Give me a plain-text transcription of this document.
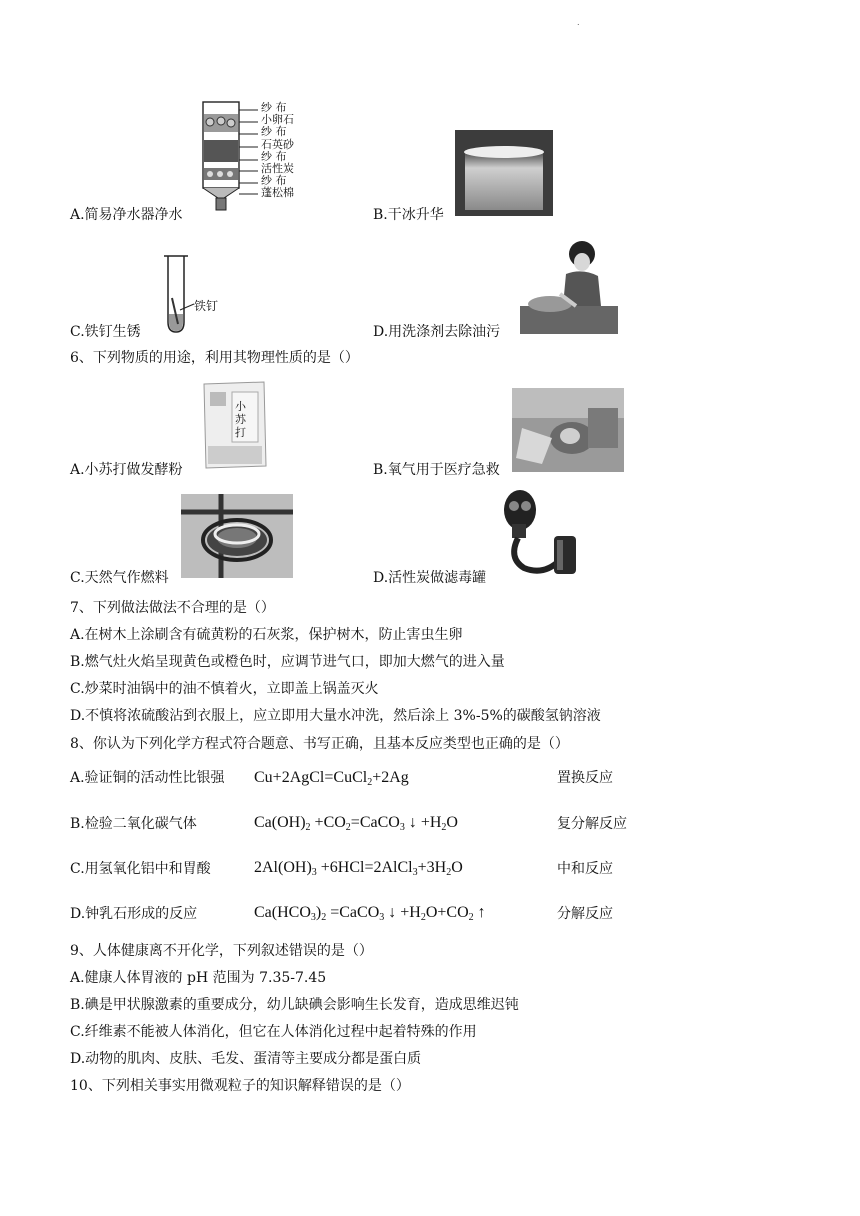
.
纱 布
小卵石
纱 布
石英砂
纱 布
活性炭
纱 布
蓬松棉
A.简易净水器净水	B.干冰升华
铁钉
C.铁钉生锈	D.用洗涤剂去除油污
6、下列物质的用途，利用其物理性质的是（）
小苏打
A.小苏打做发酵粉	B.氧气用于医疗急救
C.天然气作燃料	D.活性炭做滤毒罐
7、下列做法做法不合理的是（）
A.在树木上涂刷含有硫黄粉的石灰浆，保护树木，防止害虫生卵
B.燃气灶火焰呈现黄色或橙色时，应调节进气口，即加大燃气的进入量
C.炒菜时油锅中的油不慎着火，立即盖上锅盖灭火
D.不慎将浓硫酸沾到衣服上，应立即用大量水冲洗，然后涂上 3%-5%的碳酸氢钠溶液
8、你认为下列化学方程式符合题意、书写正确，且基本反应类型也正确的是（）
A.验证铜的活动性比银强 Cu+2AgCl=CuCl$_2$+2Ag	置换反应
B.检验二氧化碳气体	$Ca(OH)_2$ $+CO_2=CaCO_3$ ↓ $+H_2O$	复分解反应
C.用氢氧化铝中和胃酸	$2Al(OH)_3$ $+6HCl=2AlCl_3+3H_2O$	中和反应
D.钟乳石形成的反应	$Ca(HCO_3)_2$ =CaCO$_3$ ↓ $+H_2O+CO_2$ ↑	分解反应
9、人体健康离不开化学，下列叙述错误的是（）
A.健康人体胃液的 pH 范围为 7.35-7.45
B.碘是甲状腺激素的重要成分，幼儿缺碘会影响生长发育，造成思维迟钝
C.纤维素不能被人体消化，但它在人体消化过程中起着特殊的作用
D.动物的肌肉、皮肤、毛发、蛋清等主要成分都是蛋白质
10、下列相关事实用微观粒子的知识解释错误的是（）
